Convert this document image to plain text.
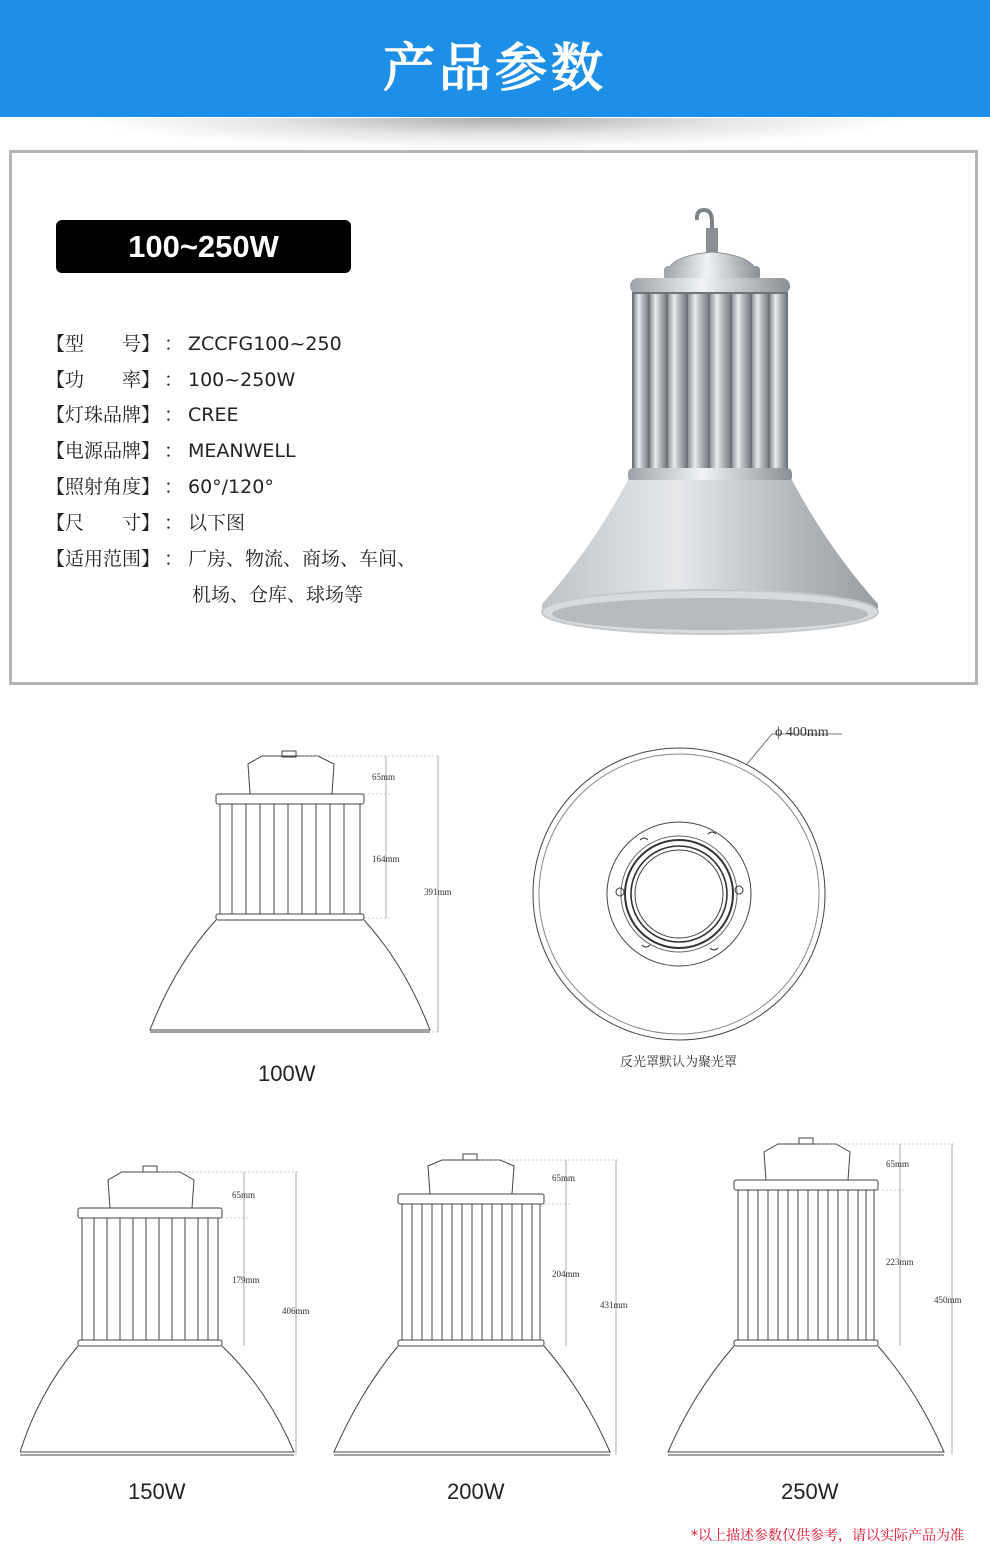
产品参数
100~250W
【型　　号】 ： ZCCFG100~250
【功　　率】 ： 100~250W
【灯珠品牌】 ： CREE
【电源品牌】 ： MEANWELL
【照射角度】 ： 60°/120°
【尺　　寸】 ： 以下图
【适用范围】 ： 厂房、物流、商场、车间、
机场、仓库、球场等
65mm
164mm
391mm
100W
ϕ 400mm
反光罩默认为聚光罩
65mm
179mm
406mm
150W
65mm
204mm
431mm
200W
65mm
223mm
450mm
250W
*以上描述参数仅供参考，请以实际产品为准
